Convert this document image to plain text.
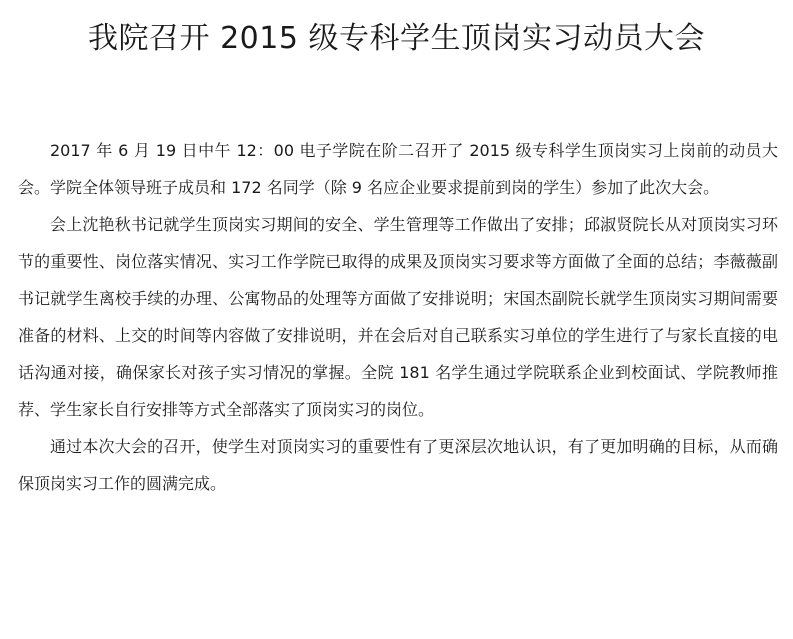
我院召开 2015 级专科学生顶岗实习动员大会

2017 年 6 月 19 日中午 12：00 电子学院在阶二召开了 2015 级专科学生顶岗实习上岗前的动员大会。学院全体领导班子成员和 172 名同学（除 9 名应企业要求提前到岗的学生）参加了此次大会。

会上沈艳秋书记就学生顶岗实习期间的安全、学生管理等工作做出了安排；邱淑贤院长从对顶岗实习环节的重要性、岗位落实情况、实习工作学院已取得的成果及顶岗实习要求等方面做了全面的总结；李薇薇副书记就学生离校手续的办理、公寓物品的处理等方面做了安排说明；宋国杰副院长就学生顶岗实习期间需要准备的材料、上交的时间等内容做了安排说明，并在会后对自己联系实习单位的学生进行了与家长直接的电话沟通对接，确保家长对孩子实习情况的掌握。全院 181 名学生通过学院联系企业到校面试、学院教师推荐、学生家长自行安排等方式全部落实了顶岗实习的岗位。

通过本次大会的召开，使学生对顶岗实习的重要性有了更深层次地认识，有了更加明确的目标，从而确保顶岗实习工作的圆满完成。
